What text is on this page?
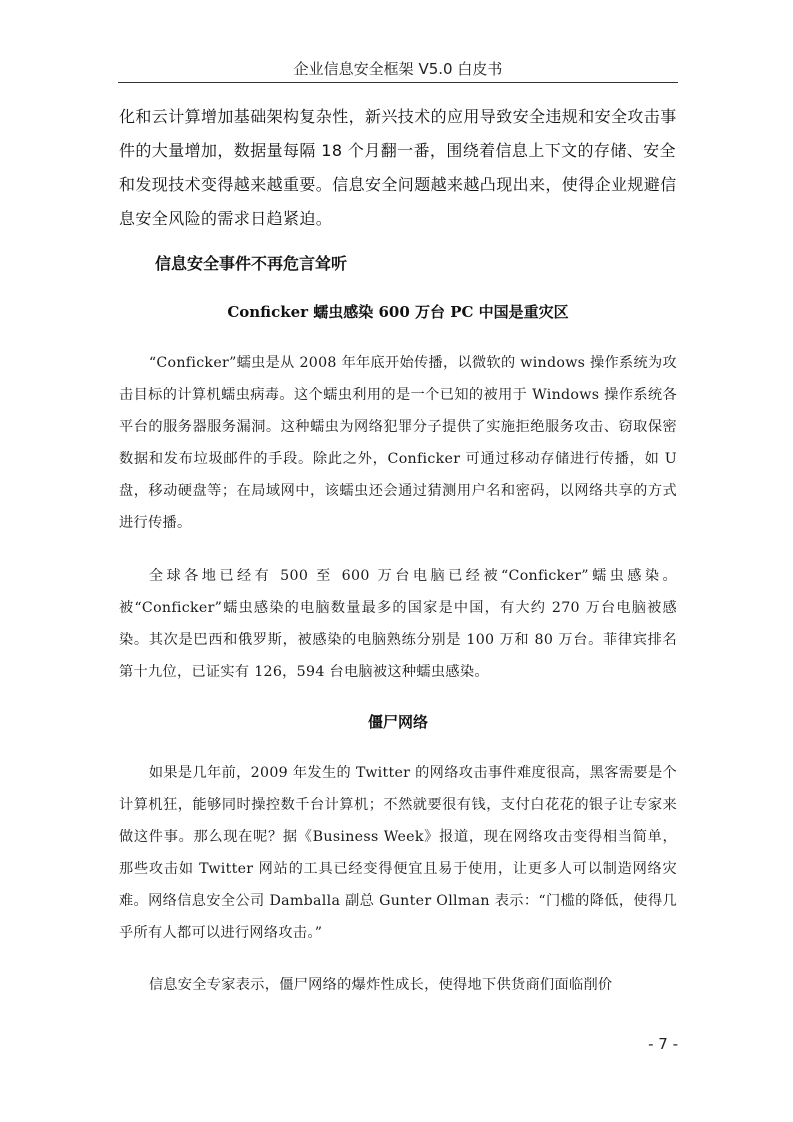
企业信息安全框架 V5.0 白皮书

化和云计算增加基础架构复杂性，新兴技术的应用导致安全违规和安全攻击事件的大量增加，数据量每隔 18 个月翻一番，围绕着信息上下文的存储、安全和发现技术变得越来越重要。信息安全问题越来越凸现出来，使得企业规避信息安全风险的需求日趋紧迫。

信息安全事件不再危言耸听
Conficker 蠕虫感染 600 万台 PC 中国是重灾区

“Conficker”蠕虫是从 2008 年年底开始传播，以微软的 windows 操作系统为攻击目标的计算机蠕虫病毒。这个蠕虫利用的是一个已知的被用于 Windows 操作系统各平台的服务器服务漏洞。这种蠕虫为网络犯罪分子提供了实施拒绝服务攻击、窃取保密数据和发布垃圾邮件的手段。除此之外，Conficker 可通过移动存储进行传播，如 U 盘，移动硬盘等；在局域网中，该蠕虫还会通过猜测用户名和密码，以网络共享的方式进行传播。

全球各地已经有 500 至 600 万台电脑已经被“Conficker”蠕虫感染。被“Conficker”蠕虫感染的电脑数量最多的国家是中国，有大约 270 万台电脑被感染。其次是巴西和俄罗斯，被感染的电脑熟练分别是 100 万和 80 万台。菲律宾排名第十九位，已证实有 126，594 台电脑被这种蠕虫感染。

僵尸网络

如果是几年前，2009 年发生的 Twitter 的网络攻击事件难度很高，黑客需要是个计算机狂，能够同时操控数千台计算机；不然就要很有钱，支付白花花的银子让专家来做这件事。那么现在呢？据《Business Week》报道，现在网络攻击变得相当简单，那些攻击如 Twitter 网站的工具已经变得便宜且易于使用，让更多人可以制造网络灾难。网络信息安全公司 Damballa 副总 Gunter Ollman 表示：“门槛的降低，使得几乎所有人都可以进行网络攻击。”

信息安全专家表示，僵尸网络的爆炸性成长，使得地下供货商们面临削价

- 7 -
